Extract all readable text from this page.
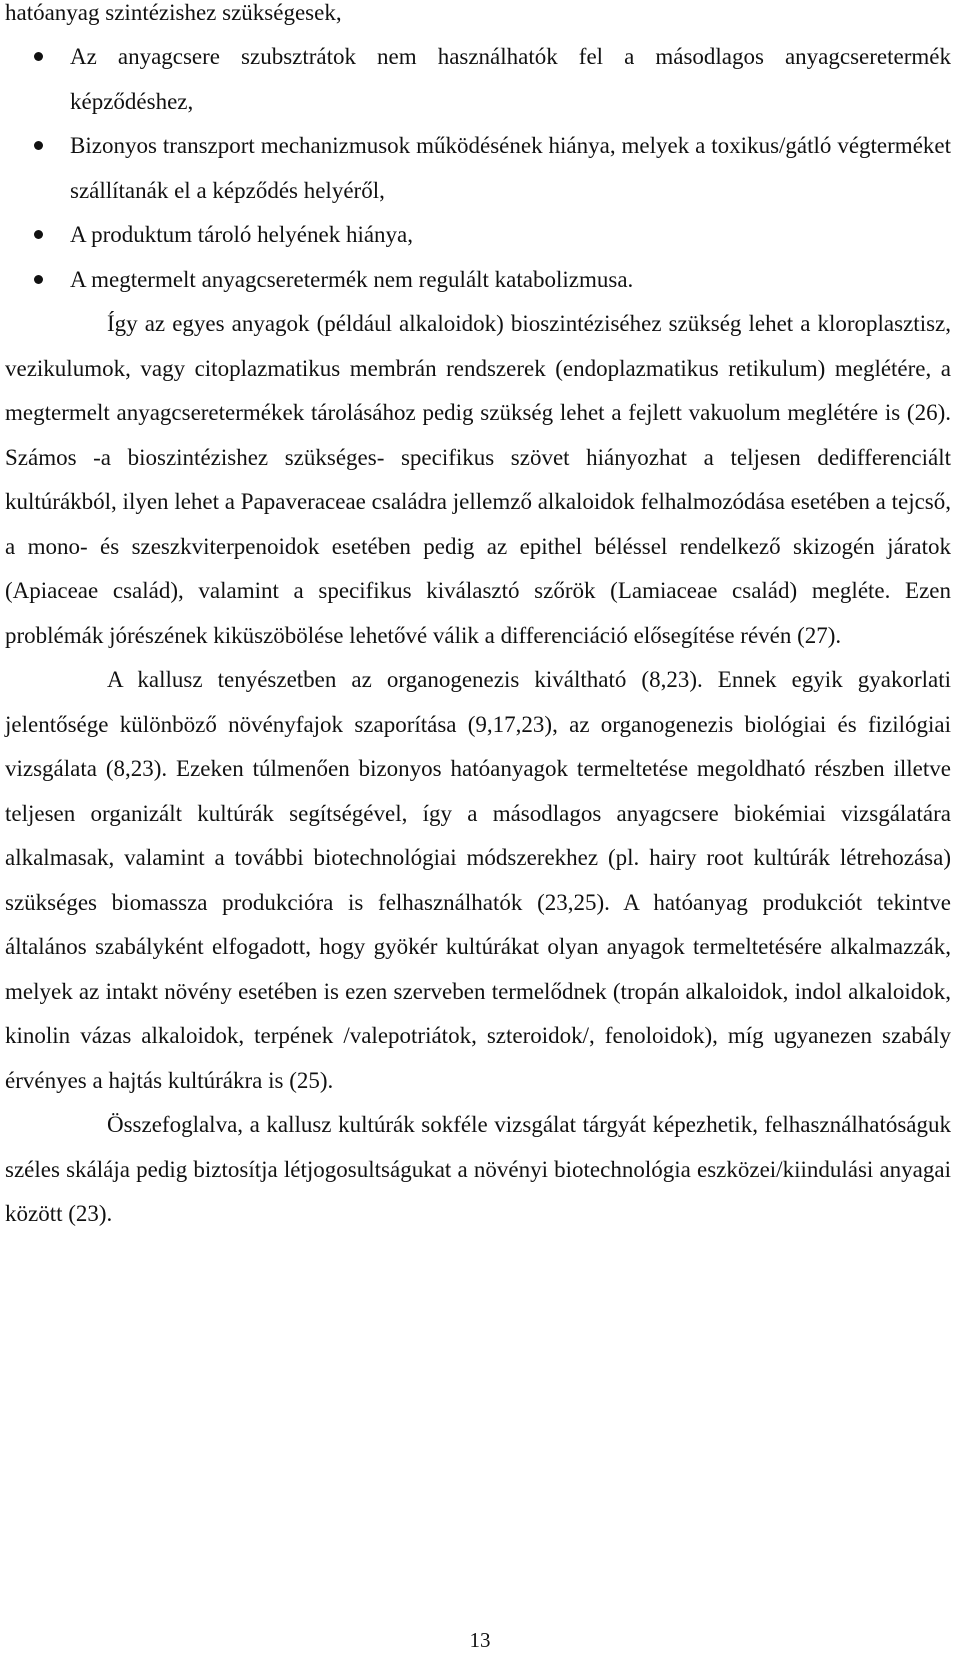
hatóanyag szintézishez szükségesek,
Az anyagcsere szubsztrátok nem használhatók fel a másodlagos anyagcseretermék képződéshez,
Bizonyos transzport mechanizmusok működésének hiánya, melyek a toxikus/gátló végterméket szállítanák el a képződés helyéről,
A produktum tároló helyének hiánya,
A megtermelt anyagcseretermék nem regulált katabolizmusa.

Így az egyes anyagok (például alkaloidok) bioszintéziséhez szükség lehet a kloroplasztisz, vezikulumok, vagy citoplazmatikus membrán rendszerek (endoplazmatikus retikulum) meglétére, a megtermelt anyagcseretermékek tárolásához pedig szükség lehet a fejlett vakuolum meglétére is (26). Számos -a bioszintézishez szükséges- specifikus szövet hiányozhat a teljesen dedifferenciált kultúrákból, ilyen lehet a Papaveraceae családra jellemző alkaloidok felhalmozódása esetében a tejcső, a mono- és szeszkviterpenoidok esetében pedig az epithel béléssel rendelkező skizogén járatok (Apiaceae család), valamint a specifikus kiválasztó szőrök (Lamiaceae család) megléte. Ezen problémák jórészének kiküszöbölése lehetővé válik a differenciáció elősegítése révén (27).

A kallusz tenyészetben az organogenezis kiváltható (8,23). Ennek egyik gyakorlati jelentősége különböző növényfajok szaporítása (9,17,23), az organogenezis biológiai és fizilógiai vizsgálata (8,23). Ezeken túlmenően bizonyos hatóanyagok termeltetése megoldható részben illetve teljesen organizált kultúrák segítségével, így a másodlagos anyagcsere biokémiai vizsgálatára alkalmasak, valamint a további biotechnológiai módszerekhez (pl. hairy root kultúrák létrehozása) szükséges biomassza produkcióra is felhasználhatók (23,25). A hatóanyag produkciót tekintve általános szabályként elfogadott, hogy gyökér kultúrákat olyan anyagok termeltetésére alkalmazzák, melyek az intakt növény esetében is ezen szerveben termelődnek (tropán alkaloidok, indol alkaloidok, kinolin vázas alkaloidok, terpének /valepotriátok, szteroidok/, fenoloidok), míg ugyanezen szabály érvényes a hajtás kultúrákra is (25).

Összefoglalva, a kallusz kultúrák sokféle vizsgálat tárgyát képezhetik, felhasználhatóságuk széles skálája pedig biztosítja létjogosultságukat a növényi biotechnológia eszközei/kiindulási anyagai között (23).

13
